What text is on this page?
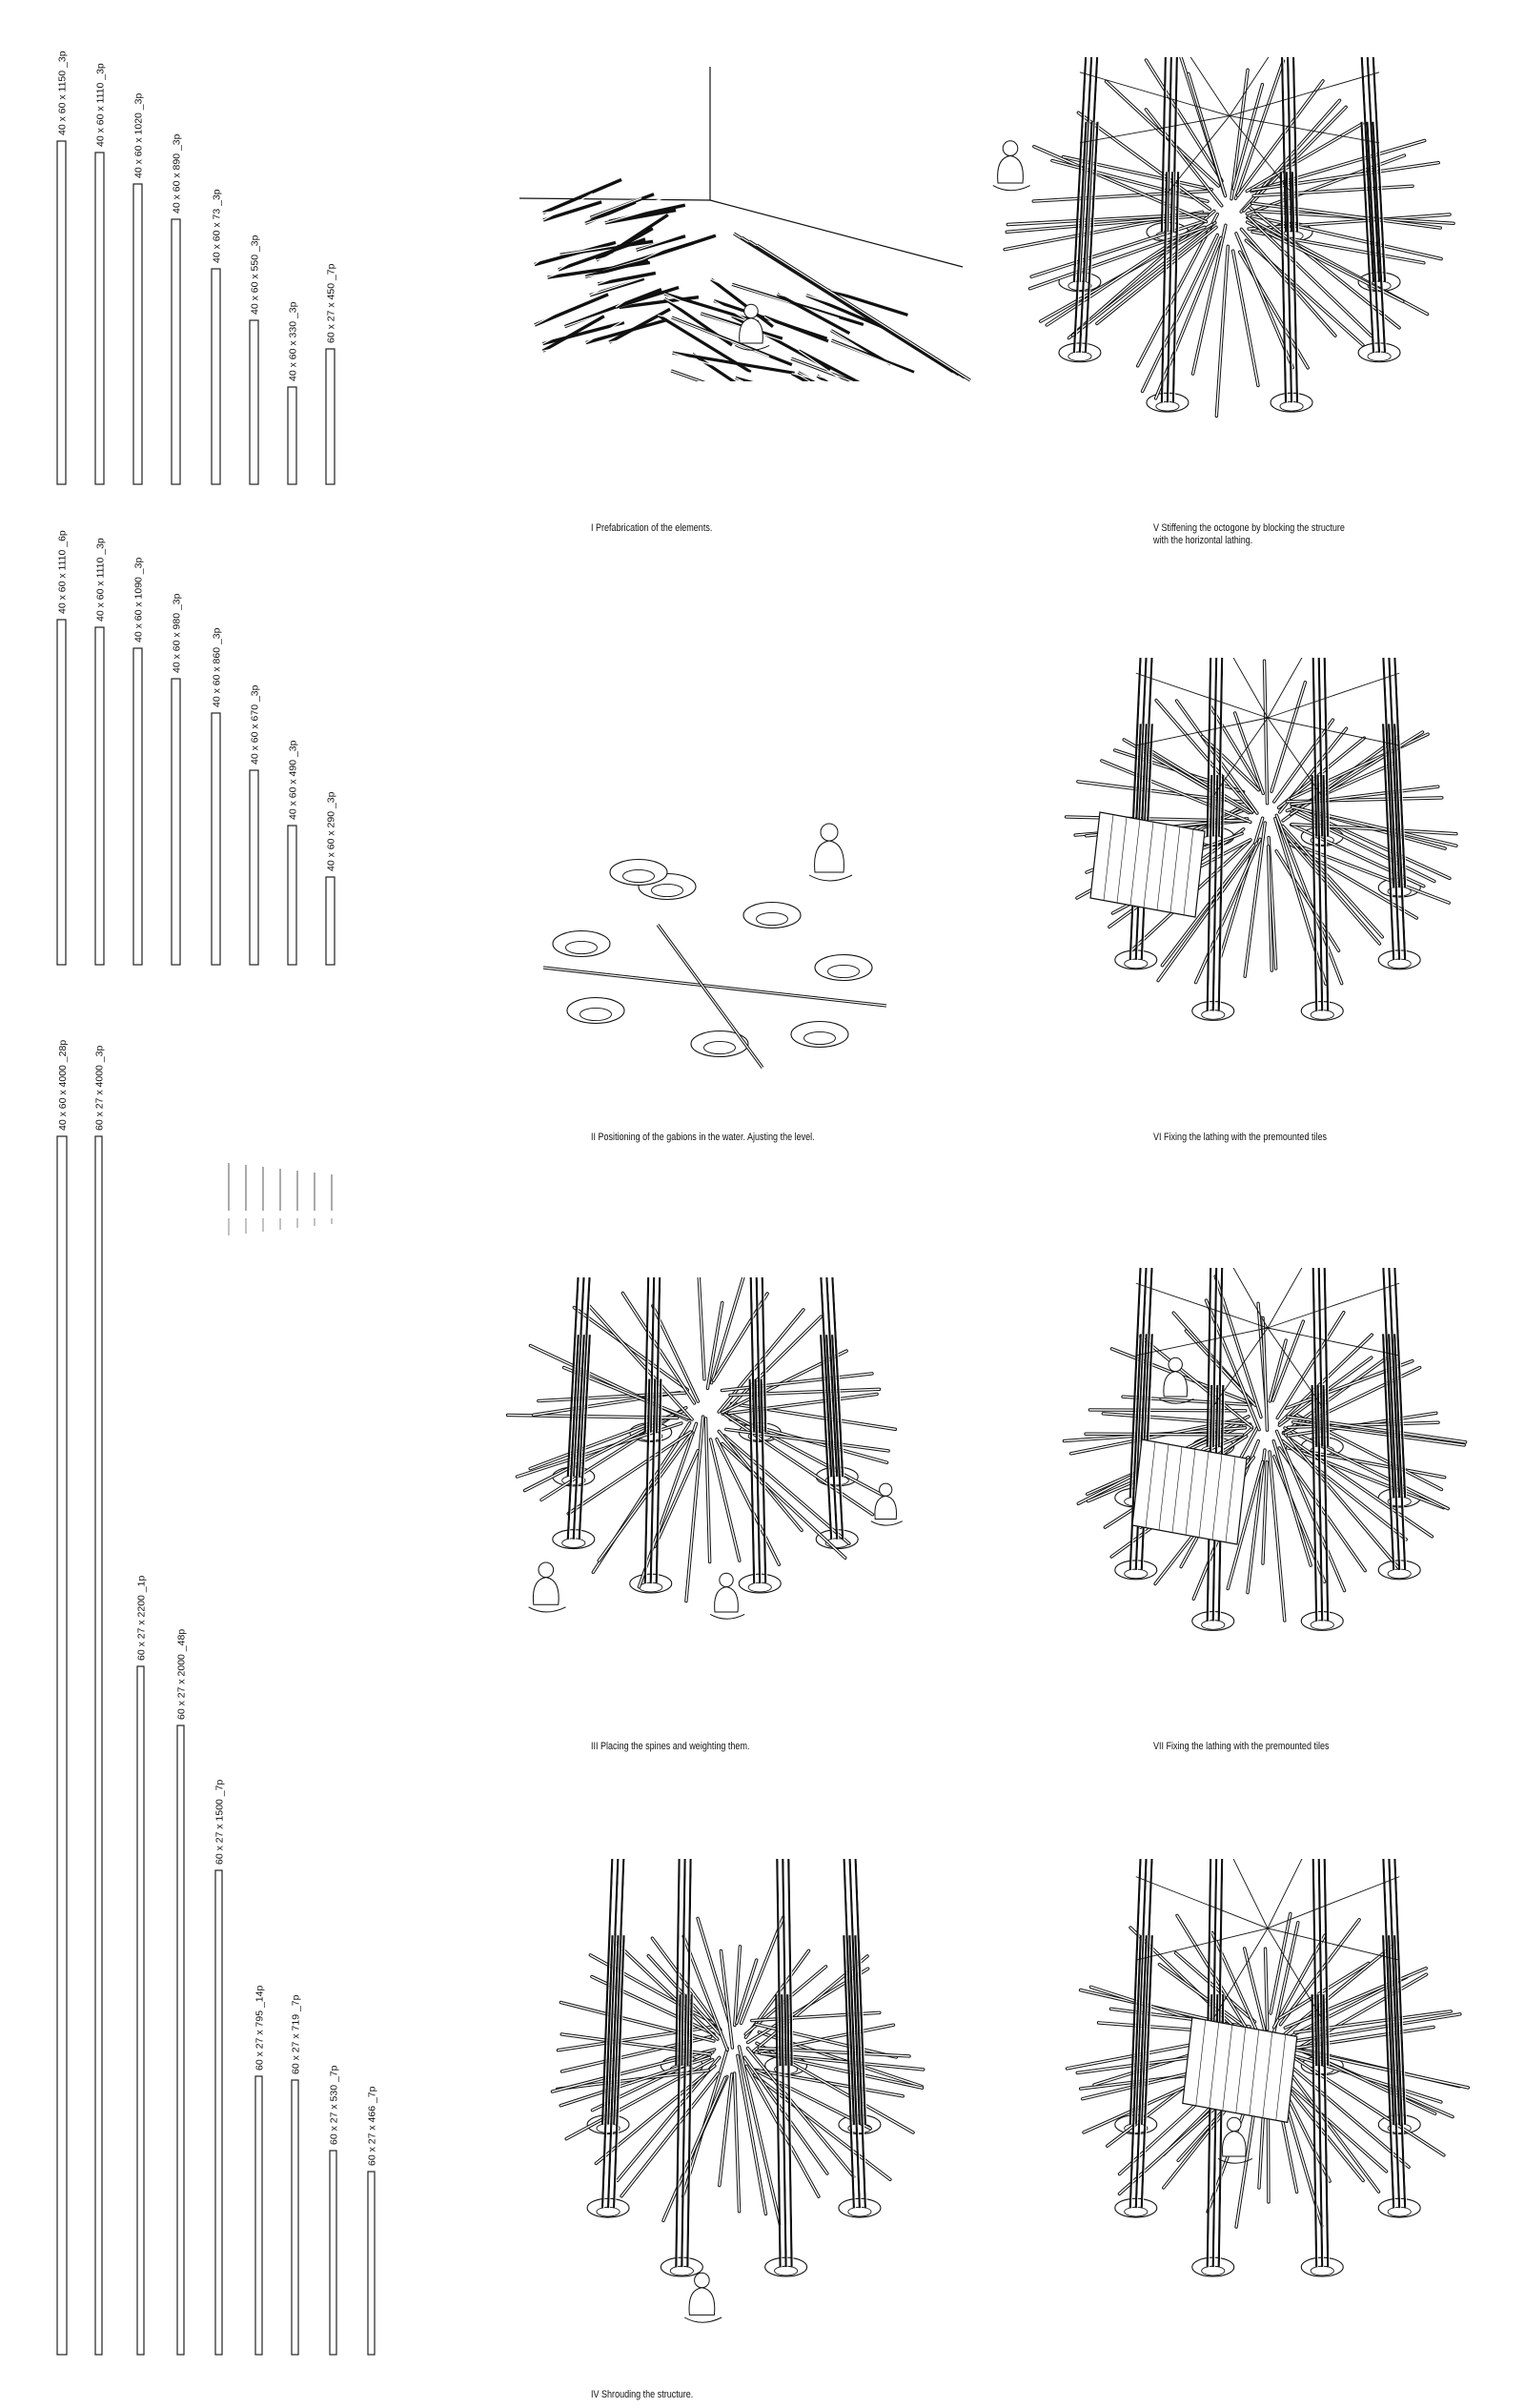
40 x 60 x 1150 _3p	40 x 60 x 1110 _3p	40 x 60 x 1020 _3p	40 x 60 x 890 _3p
40 x 60 x 73 _3p
40 x 60 x 550 _3p
40 x 60 x 330 _3p	60 x 27 x 450 _7p
40 x 60 x 1110 _6p	40 x 60 x 1110 _3p	40 x 60 x 1090 _3p	40 x 60 x 980 _3p	40 x 60 x 860 _3p
40 x 60 x 670 _3p
40 x 60 x 490 _3p
40 x 60 x 290 _3p
40 x 60 x 4000 _28p	60 x 27 x 4000 _3p
60 x 27 x 2200 _1p
60 x 27 x 2000 _48p
60 x 27 x 1500 _7p
60 x 27 x 795 _14p 60 x 27 x 719 _7p
60 x 27 x 530 _7p	60 x 27 x 466 _7p
I Prefabrication of the elements.
II Positioning of the gabions in the water. Ajusting the level.
III Placing the spines and weighting them.
IV Shrouding the structure.
V Stiffening the octogone by blocking the structure
with the horizontal lathing.
VI Fixing the lathing with the premounted tiles
VII Fixing the lathing with the premounted tiles
